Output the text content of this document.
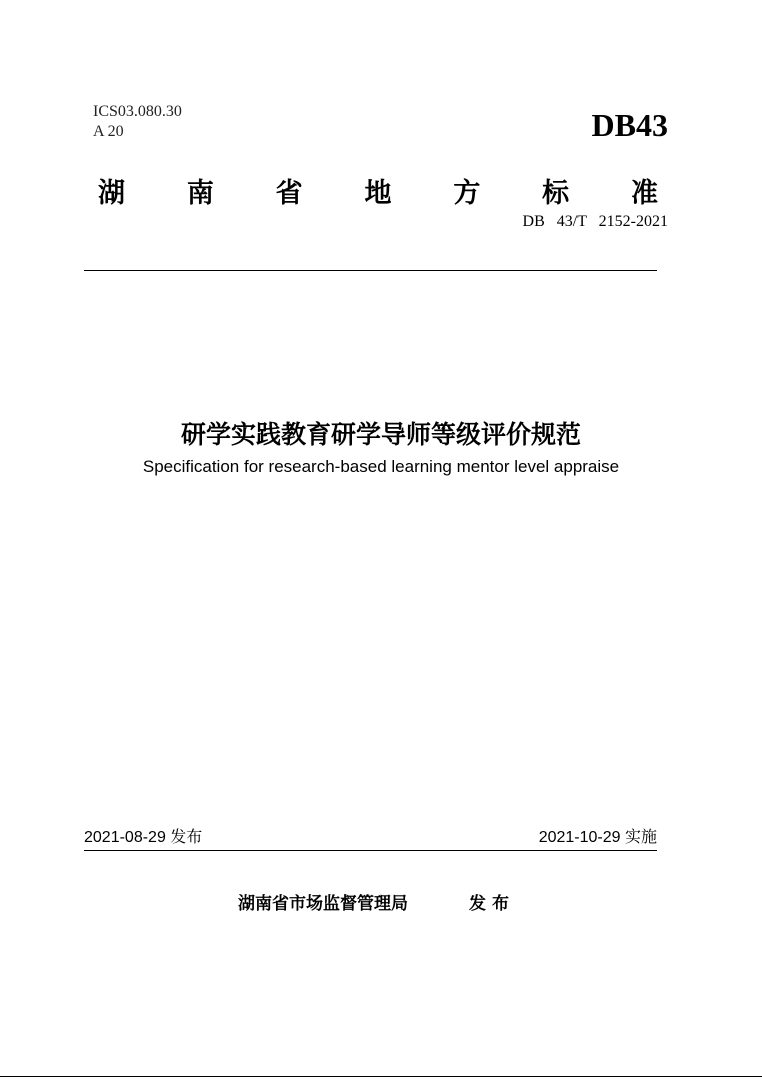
ICS03.080.30
A 20	DB43
湖 南 省 地 方 标 准
DB 43/T 2152-2021
研学实践教育研学导师等级评价规范
Specification for research-based learning mentor level appraise
2021-08-29 发布	2021-10-29 实施
湖南省市场监督管理局	发布
